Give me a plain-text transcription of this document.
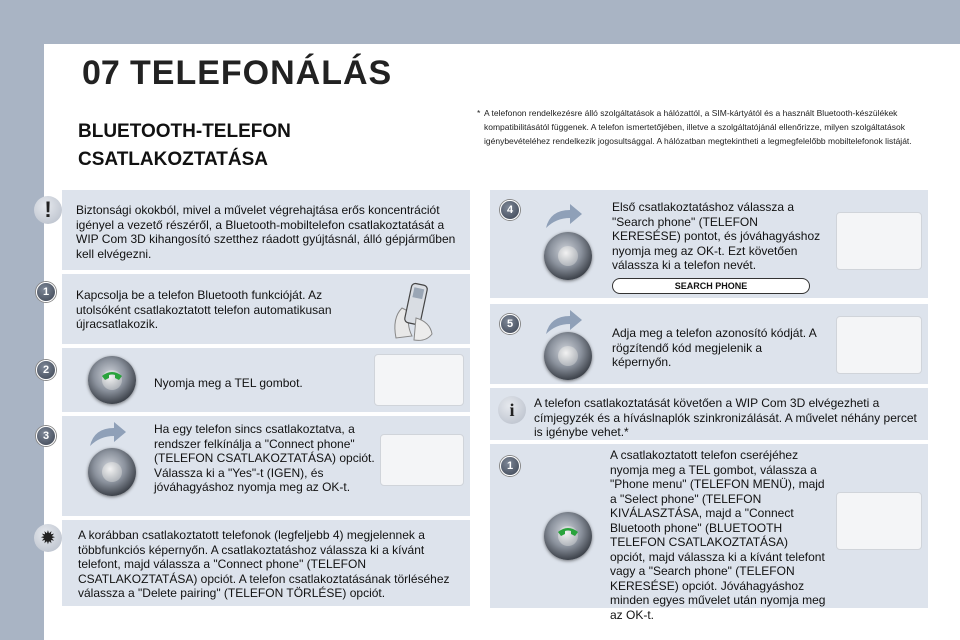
07 TELEFONÁLÁS
BLUETOOTH-TELEFON
CSATLAKOZTATÁSA
* A telefonon rendelkezésre álló szolgáltatások a hálózattól, a SIM-kártyától és a használt Bluetooth-készülékek kompatibilitásától függenek. A telefon ismertetőjében, illetve a szolgáltatójánál ellenőrizze, milyen szolgáltatások igénybevételéhez rendelkezik jogosultsággal. A hálózatban megtekintheti a legmegfelelőbb mobiltelefonok listáját.
! Biztonsági okokból, mivel a művelet végrehajtása erős koncentrációt igényel a vezető részéről, a Bluetooth-mobiltelefon csatlakoztatását a WIP Com 3D kihangosító szetthez ráadott gyújtásnál, álló gépjárműben kell elvégezni.
1	Kapcsolja be a telefon Bluetooth funkcióját. Az utolsóként csatlakoztatott telefon automatikusan újracsatlakozik.
2
Nyomja meg a TEL gombot.
3	Ha egy telefon sincs csatlakoztatva, a rendszer felkínálja a "Connect phone" (TELEFON CSATLAKOZTATÁSA) opciót. Válassza ki a "Yes"-t (IGEN), és jóváhagyáshoz nyomja meg az OK-t.
✹	A korábban csatlakoztatott telefonok (legfeljebb 4) megjelennek a többfunkciós képernyőn. A csatlakoztatáshoz válassza ki a kívánt telefont, majd válassza a "Connect phone" (TELEFON CSATLAKOZTATÁSA) opciót. A telefon csatlakoztatásának törléséhez válassza a "Delete pairing" (TELEFON TÖRLÉSE) opciót.
4	Első csatlakoztatáshoz válassza a "Search phone" (TELEFON KERESÉSE) pontot, és jóváhagyáshoz nyomja meg az OK-t. Ezt követően válassza ki a telefon nevét.
SEARCH PHONE
5
Adja meg a telefon azonosító kódját. A rögzítendő kód megjelenik a képernyőn.
i A telefon csatlakoztatását követően a WIP Com 3D elvégezheti a címjegyzék és a híváslnaplók szinkronizálását. A művelet néhány percet is igénybe vehet.*
1
A csatlakoztatott telefon cseréjéhez nyomja meg a TEL gombot, válassza a "Phone menu" (TELEFON MENÜ), majd a "Select phone" (TELEFON KIVÁLASZTÁSA, majd a "Connect Bluetooth phone" (BLUETOOTH TELEFON CSATLAKOZTATÁSA) opciót, majd válassza ki a kívánt telefont vagy a "Search phone" (TELEFON KERESÉSE) opciót. Jóváhagyáshoz minden egyes művelet után nyomja meg az OK-t.	257
